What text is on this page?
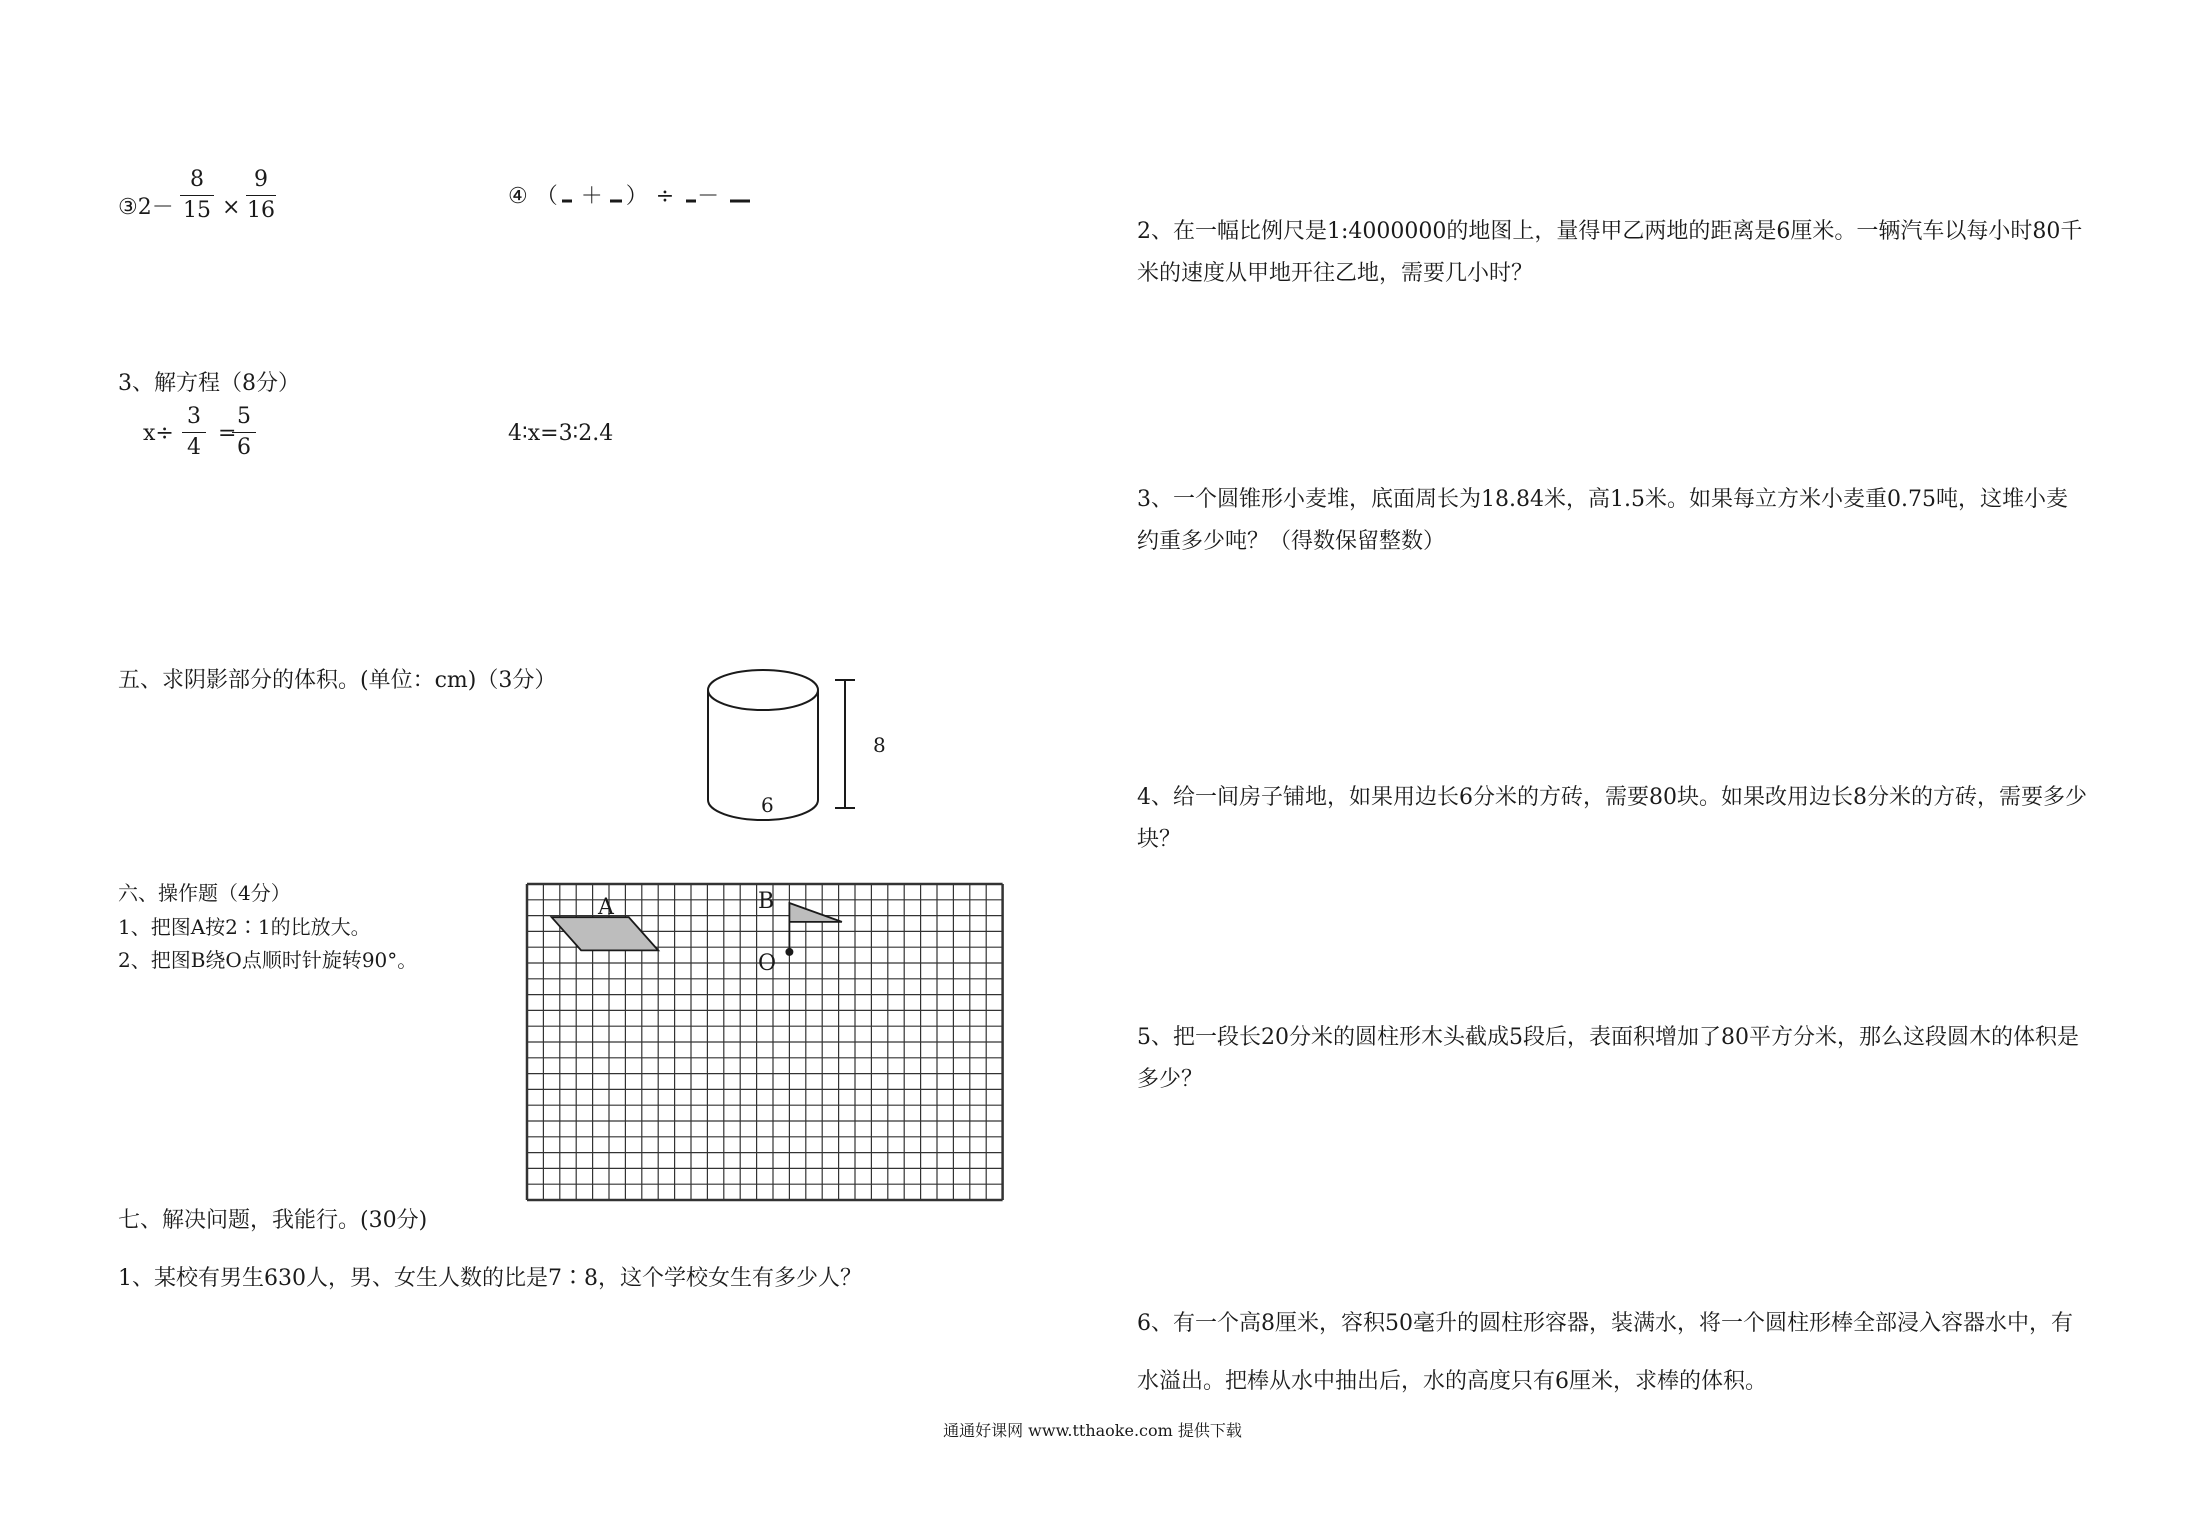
③2－
8
15 ×
9
16
④（ ＋ ）÷ －
3、解方程（8分）
x÷
3
4
=
5
6
4∶x=3∶2.4
五、求阴影部分的体积。(单位：cm)（3分）
8
6
六、操作题（4分）
1、把图A按2∶1的比放大。
2、把图B绕O点顺时针旋转90°。
A	B
O
七、解决问题，我能行。(30分)
1、某校有男生630人，男、女生人数的比是7∶8，这个学校女生有多少人？
2、在一幅比例尺是1:4000000的地图上，量得甲乙两地的距离是6厘米。一辆汽车以每小时80千米的速度从甲地开往乙地，需要几小时？
3、一个圆锥形小麦堆，底面周长为18.84米，高1.5米。如果每立方米小麦重0.75吨，这堆小麦约重多少吨？（得数保留整数）
4、给一间房子铺地，如果用边长6分米的方砖，需要80块。如果改用边长8分米的方砖，需要多少块？
5、把一段长20分米的圆柱形木头截成5段后，表面积增加了80平方分米，那么这段圆木的体积是多少？
6、有一个高8厘米，容积50毫升的圆柱形容器，装满水，将一个圆柱形棒全部浸入容器水中，有水溢出。把棒从水中抽出后，水的高度只有6厘米，求棒的体积。
通通好课网 www.tthaoke.com 提供下载
